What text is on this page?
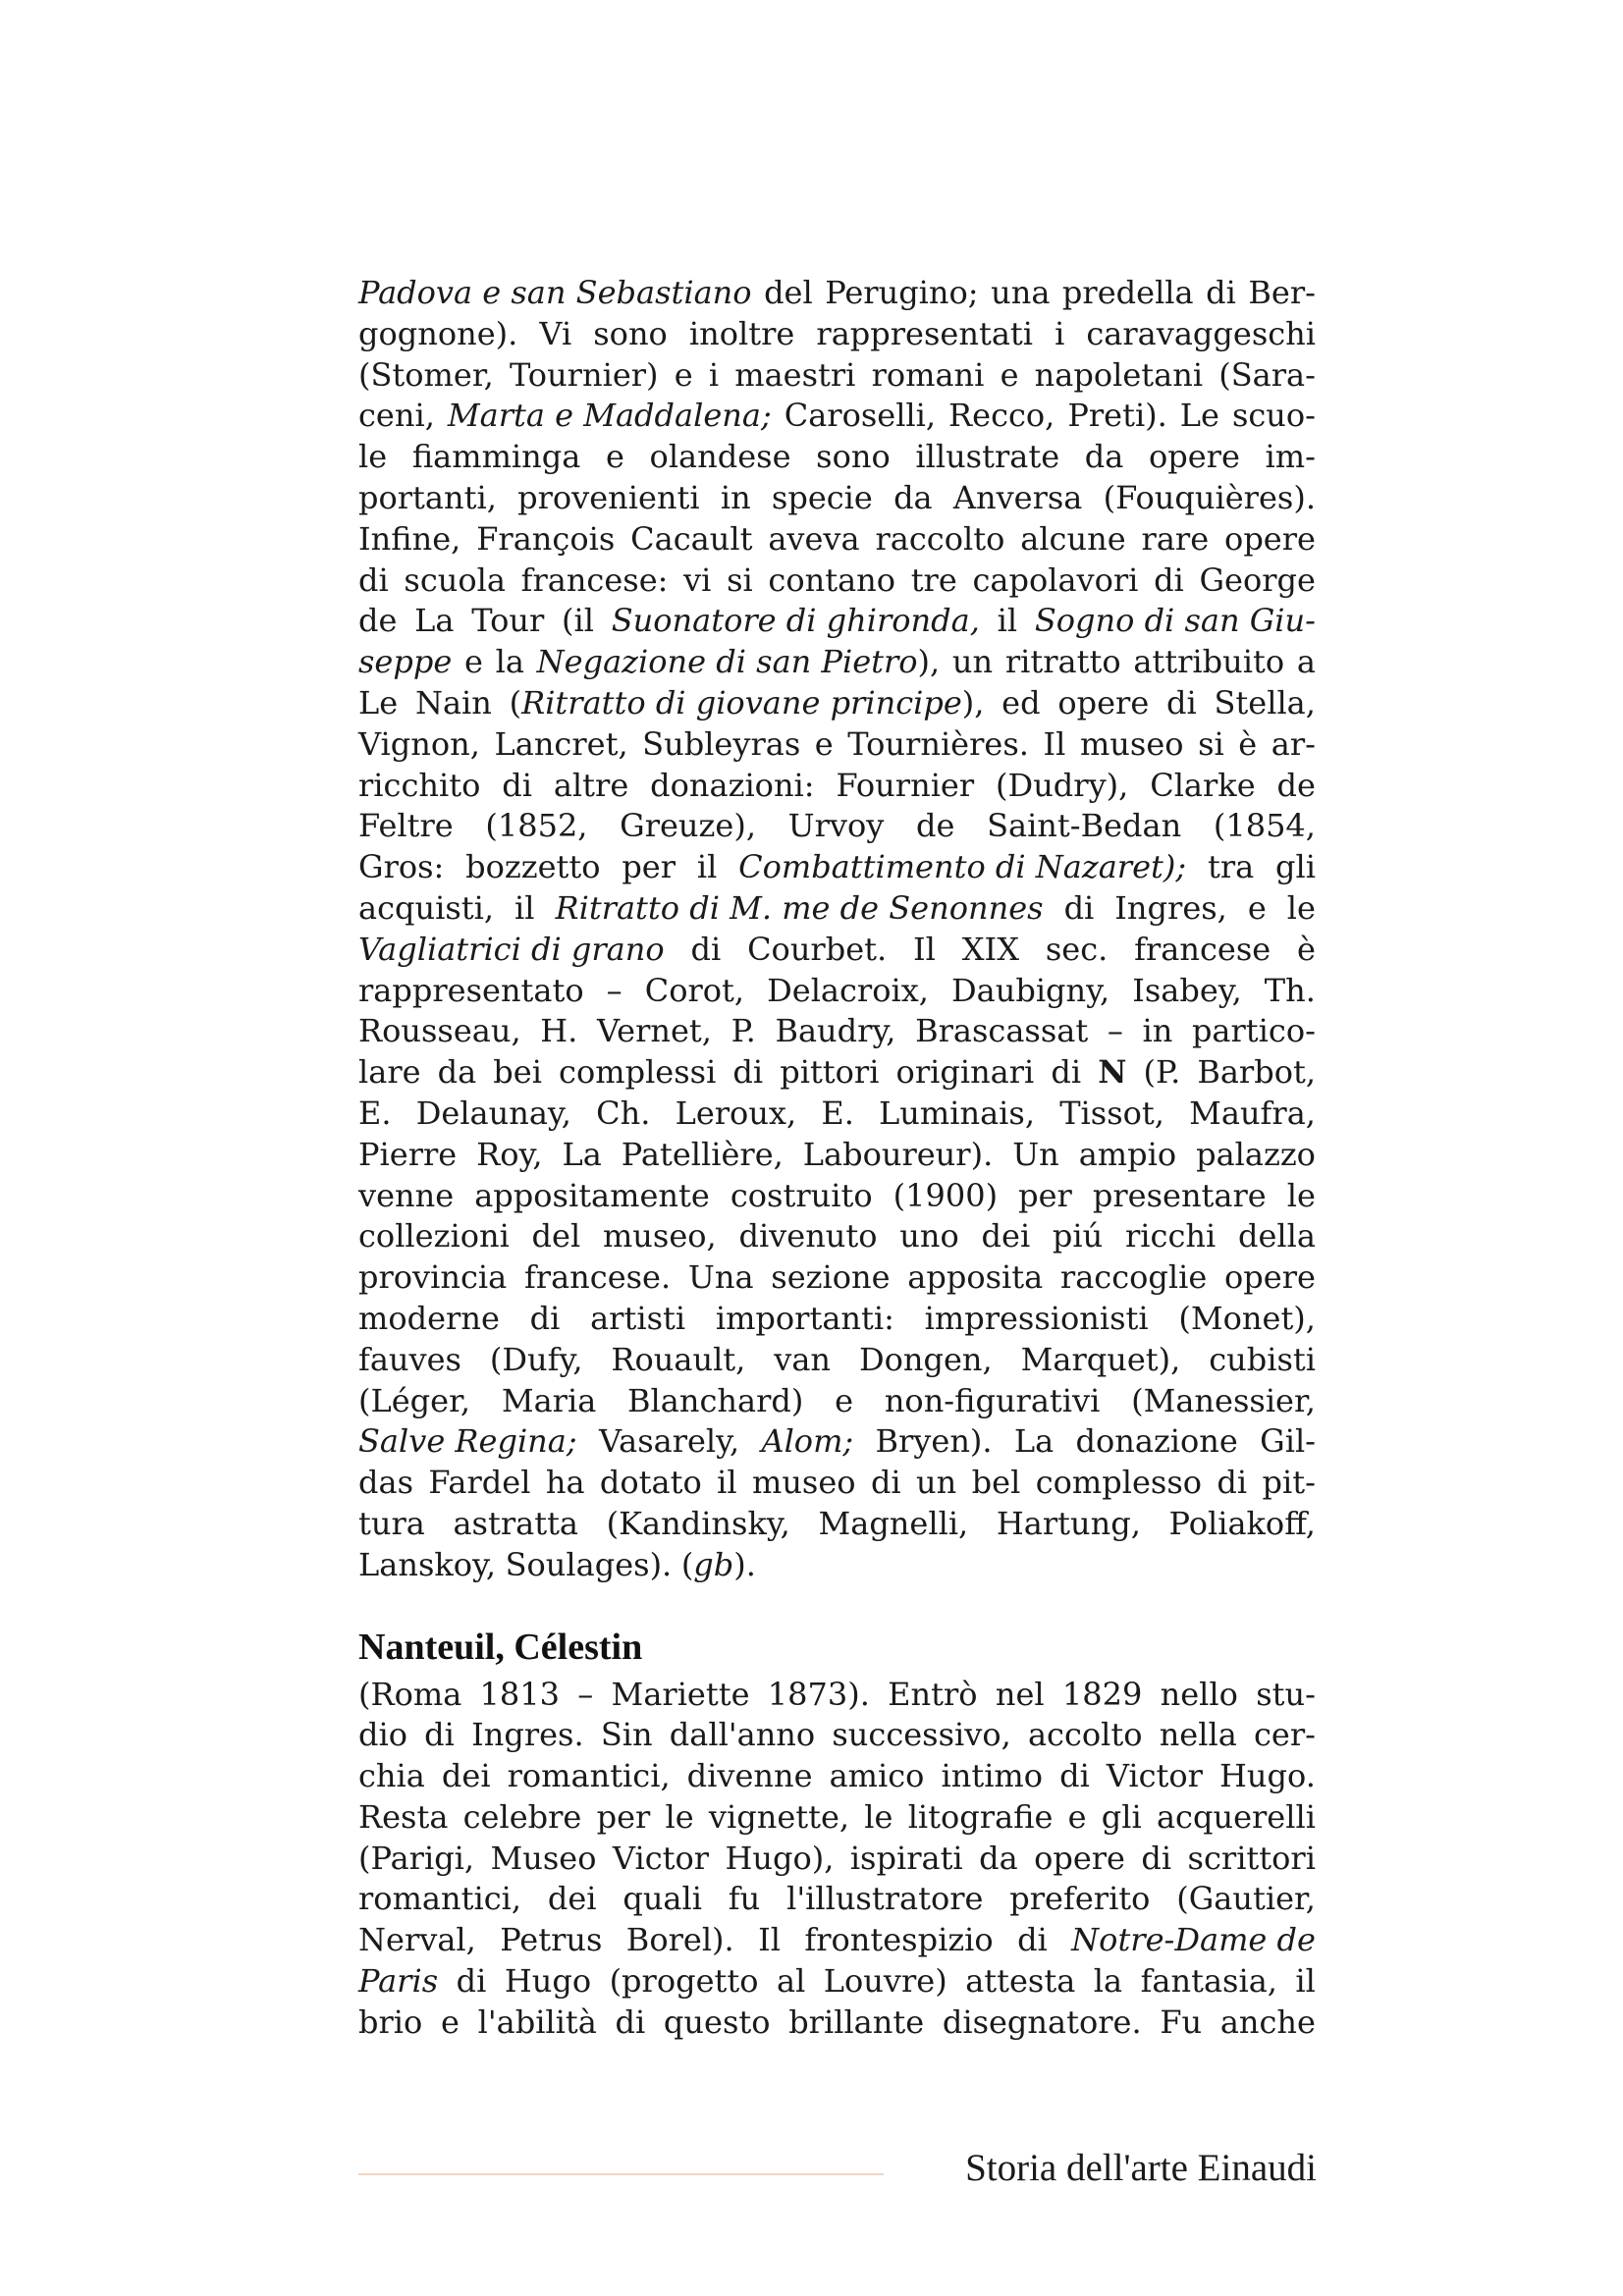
Padova e san Sebastiano del Perugino; una predella di Ber-
gognone). Vi sono inoltre rappresentati i caravaggeschi
(Stomer, Tournier) e i maestri romani e napoletani (Sara-
ceni, Marta e Maddalena; Caroselli, Recco, Preti). Le scuo-
le fiamminga e olandese sono illustrate da opere im-
portanti, provenienti in specie da Anversa (Fouquières).
Infine, François Cacault aveva raccolto alcune rare opere
di scuola francese: vi si contano tre capolavori di George
de La Tour (il Suonatore di ghironda, il Sogno di san Giu-
seppe e la Negazione di san Pietro), un ritratto attribuito a
Le Nain (Ritratto di giovane principe), ed opere di Stella,
Vignon, Lancret, Subleyras e Tournières. Il museo si è ar-
ricchito di altre donazioni: Fournier (Dudry), Clarke de
Feltre (1852, Greuze), Urvoy de Saint-Bedan (1854,
Gros: bozzetto per il Combattimento di Nazaret); tra gli
acquisti, il Ritratto di M. me de Senonnes di Ingres, e le
Vagliatrici di grano di Courbet. Il XIX sec. francese è
rappresentato – Corot, Delacroix, Daubigny, Isabey, Th.
Rousseau, H. Vernet, P. Baudry, Brascassat – in partico-
lare da bei complessi di pittori originari di N (P. Barbot,
E. Delaunay, Ch. Leroux, E. Luminais, Tissot, Maufra,
Pierre Roy, La Patellière, Laboureur). Un ampio palazzo
venne appositamente costruito (1900) per presentare le
collezioni del museo, divenuto uno dei piú ricchi della
provincia francese. Una sezione apposita raccoglie opere
moderne di artisti importanti: impressionisti (Monet),
fauves (Dufy, Rouault, van Dongen, Marquet), cubisti
(Léger, Maria Blanchard) e non-figurativi (Manessier,
Salve Regina; Vasarely, Alom; Bryen). La donazione Gil-
das Fardel ha dotato il museo di un bel complesso di pit-
tura astratta (Kandinsky, Magnelli, Hartung, Poliakoff,
Lanskoy, Soulages). (gb).
Nanteuil, Célestin
(Roma 1813 – Mariette 1873). Entrò nel 1829 nello stu-
dio di Ingres. Sin dall'anno successivo, accolto nella cer-
chia dei romantici, divenne amico intimo di Victor Hugo.
Resta celebre per le vignette, le litografie e gli acquerelli
(Parigi, Museo Victor Hugo), ispirati da opere di scrittori
romantici, dei quali fu l'illustratore preferito (Gautier,
Nerval, Petrus Borel). Il frontespizio di Notre-Dame de
Paris di Hugo (progetto al Louvre) attesta la fantasia, il
brio e l'abilità di questo brillante disegnatore. Fu anche
Storia dell'arte Einaudi
